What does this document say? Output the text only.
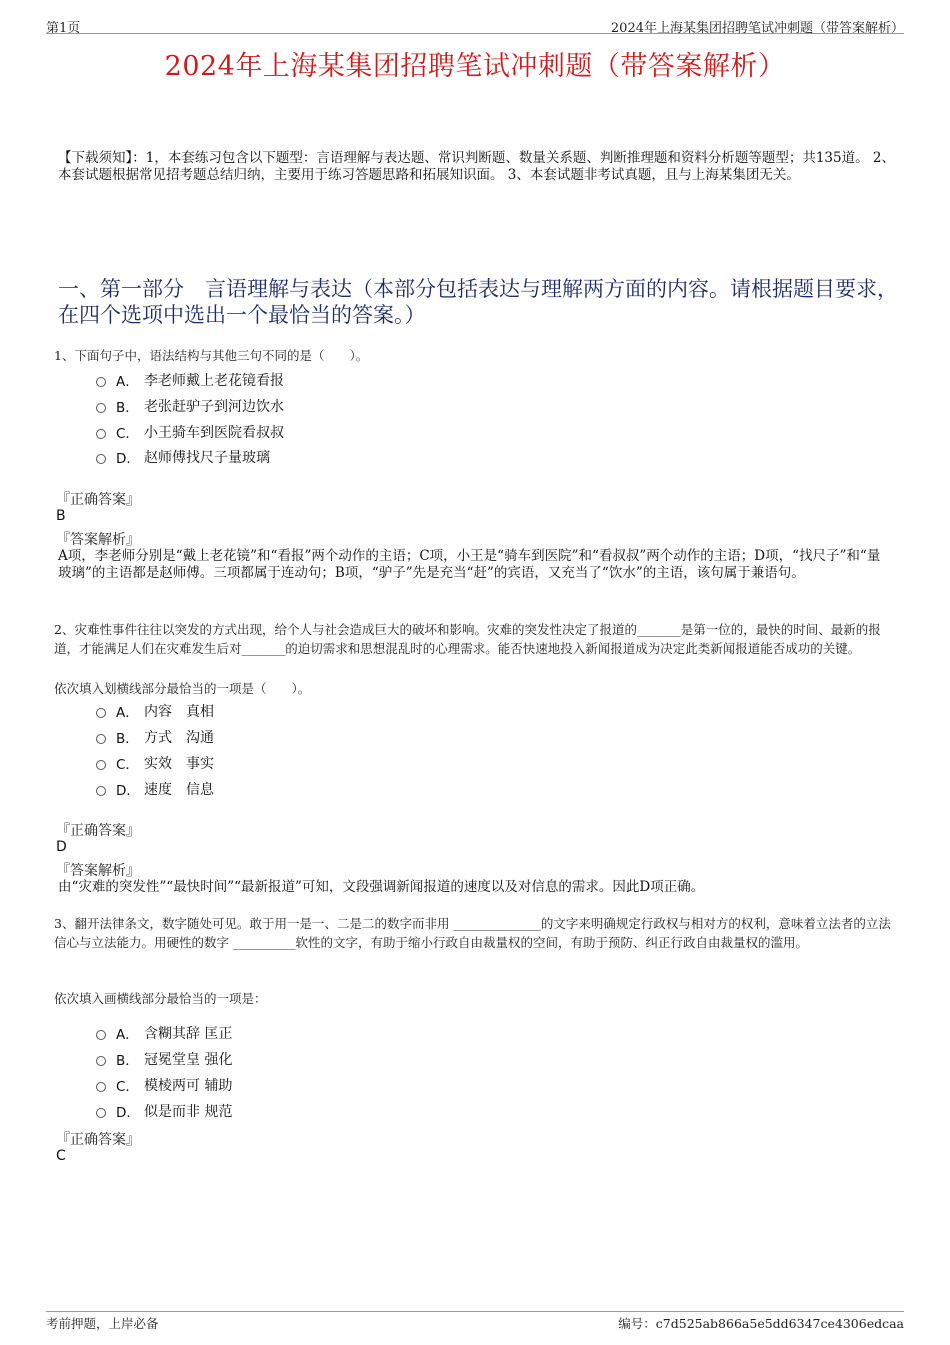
第1页	2024年上海某集团招聘笔试冲刺题（带答案解析）
2024年上海某集团招聘笔试冲刺题（带答案解析）
【下载须知】：1，本套练习包含以下题型：言语理解与表达题、常识判断题、数量关系题、判断推理题和资料分析题等题型；共135道。 2、本套试题根据常见招考题总结归纳，主要用于练习答题思路和拓展知识面。 3、本套试题非考试真题，且与上海某集团无关。
一、第一部分　言语理解与表达（本部分包括表达与理解两方面的内容。请根据题目要求，在四个选项中选出一个最恰当的答案。）
1、下面句子中，语法结构与其他三句不同的是（　　）。
A． 李老师戴上老花镜看报
B． 老张赶驴子到河边饮水
C． 小王骑车到医院看叔叔
D． 赵师傅找尺子量玻璃
『正确答案』
B
『答案解析』
A项，李老师分别是“戴上老花镜”和“看报”两个动作的主语；C项，小王是“骑车到医院”和“看叔叔”两个动作的主语；D项，“找尺子”和“量玻璃”的主语都是赵师傅。三项都属于连动句；B项，“驴子”先是充当“赶”的宾语，又充当了“饮水”的主语，该句属于兼语句。
2、灾难性事件往往以突发的方式出现，给个人与社会造成巨大的破坏和影响。灾难的突发性决定了报道的_______是第一位的，最快的时间、最新的报道，才能满足人们在灾难发生后对_______的迫切需求和思想混乱时的心理需求。能否快速地投入新闻报道成为决定此类新闻报道能否成功的关键。
依次填入划横线部分最恰当的一项是（　　）。
A． 内容　真相
B． 方式　沟通
C． 实效　事实
D． 速度　信息
『正确答案』
D
『答案解析』
由“灾难的突发性”“最快时间”“最新报道”可知，文段强调新闻报道的速度以及对信息的需求。因此D项正确。
3、翻开法律条文，数字随处可见。敢于用一是一、二是二的数字而非用 ______________的文字来明确规定行政权与相对方的权利，意味着立法者的立法信心与立法能力。用硬性的数字 __________软性的文字，有助于缩小行政自由裁量权的空间，有助于预防、纠正行政自由裁量权的滥用。
依次填入画横线部分最恰当的一项是：
A． 含糊其辞 匡正
B． 冠冕堂皇 强化
C． 模棱两可 辅助
D． 似是而非 规范
『正确答案』
C
考前押题，上岸必备	编号：c7d525ab866a5e5dd6347ce4306edcaa
